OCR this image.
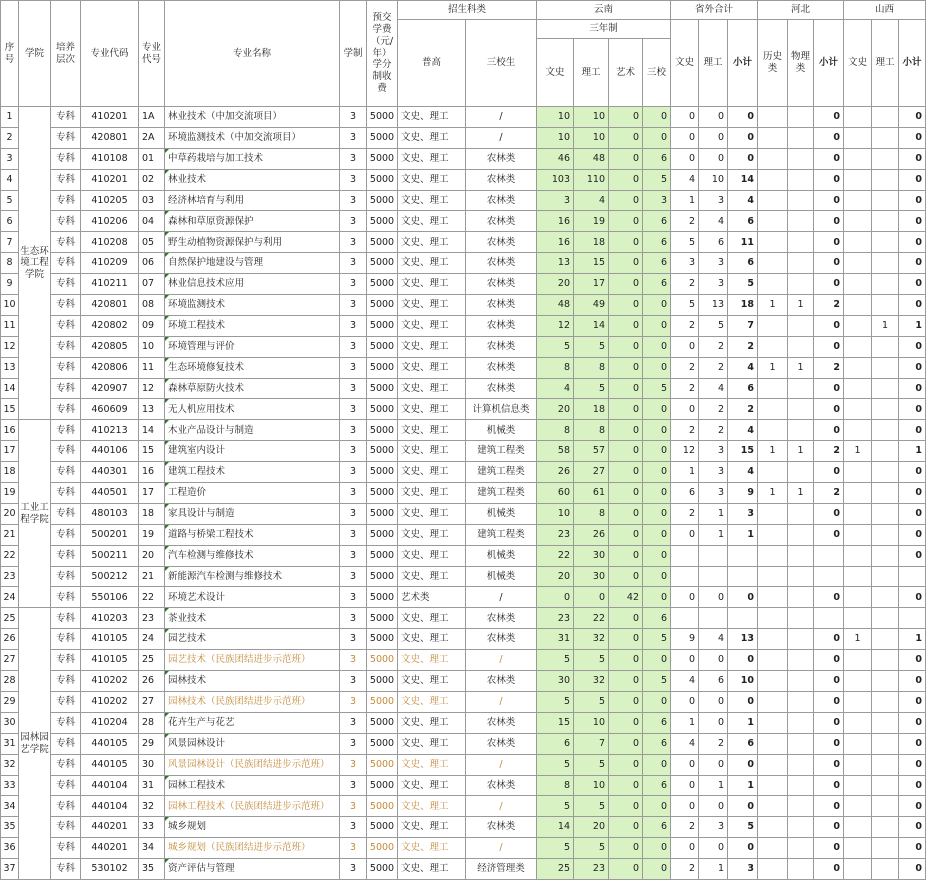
序号	学院	培养层次	专业代码	专业代号	专业名称	学制	预交学费（元/年）学分制收费	招生科类		云南				省外合计			河北			山西		
								普高	三校生	三年制				文史	理工	小计	历史类	物理类	小计	文史	理工	小计
										文史	理工	艺术	三校									

1	生态环境工程学院	专科	410201	1A	林业技术（中加交流项目）	3	5000	文史、理工	/	10	10	0	0	0	0	0			0			0
2		专科	420801	2A	环境监测技术（中加交流项目）	3	5000	文史、理工	/	10	10	0	0	0	0	0			0			0
3		专科	410108	01	中草药栽培与加工技术	3	5000	文史、理工	农林类	46	48	0	6	0	0	0			0			0
4		专科	410201	02	林业技术	3	5000	文史、理工	农林类	103	110	0	5	4	10	14			0			0
5		专科	410205	03	经济林培育与利用	3	5000	文史、理工	农林类	3	4	0	3	1	3	4			0			0
6		专科	410206	04	森林和草原资源保护	3	5000	文史、理工	农林类	16	19	0	6	2	4	6			0			0
7		专科	410208	05	野生动植物资源保护与利用	3	5000	文史、理工	农林类	16	18	0	6	5	6	11			0			0
8		专科	410209	06	自然保护地建设与管理	3	5000	文史、理工	农林类	13	15	0	6	3	3	6			0			0
9		专科	410211	07	林业信息技术应用	3	5000	文史、理工	农林类	20	17	0	6	2	3	5			0			0
10		专科	420801	08	环境监测技术	3	5000	文史、理工	农林类	48	49	0	0	5	13	18	1	1	2			0
11		专科	420802	09	环境工程技术	3	5000	文史、理工	农林类	12	14	0	0	2	5	7			0		1	1
12		专科	420805	10	环境管理与评价	3	5000	文史、理工	农林类	5	5	0	0	0	2	2			0			0
13		专科	420806	11	生态环境修复技术	3	5000	文史、理工	农林类	8	8	0	0	2	2	4	1	1	2			0
14		专科	420907	12	森林草原防火技术	3	5000	文史、理工	农林类	4	5	0	5	2	4	6			0			0
15		专科	460609	13	无人机应用技术	3	5000	文史、理工	计算机信息类	20	18	0	0	0	2	2			0			0
16	工业工程学院	专科	410213	14	木业产品设计与制造	3	5000	文史、理工	机械类	8	8	0	0	2	2	4			0			0
17		专科	440106	15	建筑室内设计	3	5000	文史、理工	建筑工程类	58	57	0	0	12	3	15	1	1	2	1		1
18		专科	440301	16	建筑工程技术	3	5000	文史、理工	建筑工程类	26	27	0	0	1	3	4			0			0
19		专科	440501	17	工程造价	3	5000	文史、理工	建筑工程类	60	61	0	0	6	3	9	1	1	2			0
20		专科	480103	18	家具设计与制造	3	5000	文史、理工	机械类	10	8	0	0	2	1	3			0			0
21		专科	500201	19	道路与桥梁工程技术	3	5000	文史、理工	建筑工程类	23	26	0	0	0	1	1			0			0
22		专科	500211	20	汽车检测与维修技术	3	5000	文史、理工	机械类	22	30	0	0									0
23		专科	500212	21	新能源汽车检测与维修技术	3	5000	文史、理工	机械类	20	30	0	0									
24		专科	550106	22	环境艺术设计	3	5000	艺术类	/	0	0	42	0	0	0	0			0			0
25	园林园艺学院	专科	410203	23	茶业技术	3	5000	文史、理工	农林类	23	22	0	6									
26		专科	410105	24	园艺技术	3	5000	文史、理工	农林类	31	32	0	5	9	4	13			0	1		1
27		专科	410105	25	园艺技术（民族团结进步示范班）	3	5000	文史、理工	/	5	5	0	0	0	0	0			0			0
28		专科	410202	26	园林技术	3	5000	文史、理工	农林类	30	32	0	5	4	6	10			0			0
29		专科	410202	27	园林技术（民族团结进步示范班）	3	5000	文史、理工	/	5	5	0	0	0	0	0			0			0
30		专科	410204	28	花卉生产与花艺	3	5000	文史、理工	农林类	15	10	0	6	1	0	1			0			0
31		专科	440105	29	风景园林设计	3	5000	文史、理工	农林类	6	7	0	6	4	2	6			0			0
32		专科	440105	30	风景园林设计（民族团结进步示范班）	3	5000	文史、理工	/	5	5	0	0	0	0	0			0			0
33		专科	440104	31	园林工程技术	3	5000	文史、理工	农林类	8	10	0	6	0	1	1			0			0
34		专科	440104	32	园林工程技术（民族团结进步示范班）	3	5000	文史、理工	/	5	5	0	0	0	0	0			0			0
35		专科	440201	33	城乡规划	3	5000	文史、理工	农林类	14	20	0	6	2	3	5			0			0
36		专科	440201	34	城乡规划（民族团结进步示范班）	3	5000	文史、理工	/	5	5	0	0	0	0	0			0			0
37		专科	530102	35	资产评估与管理	3	5000	文史、理工	经济管理类	25	23	0	0	2	1	3			0			0
